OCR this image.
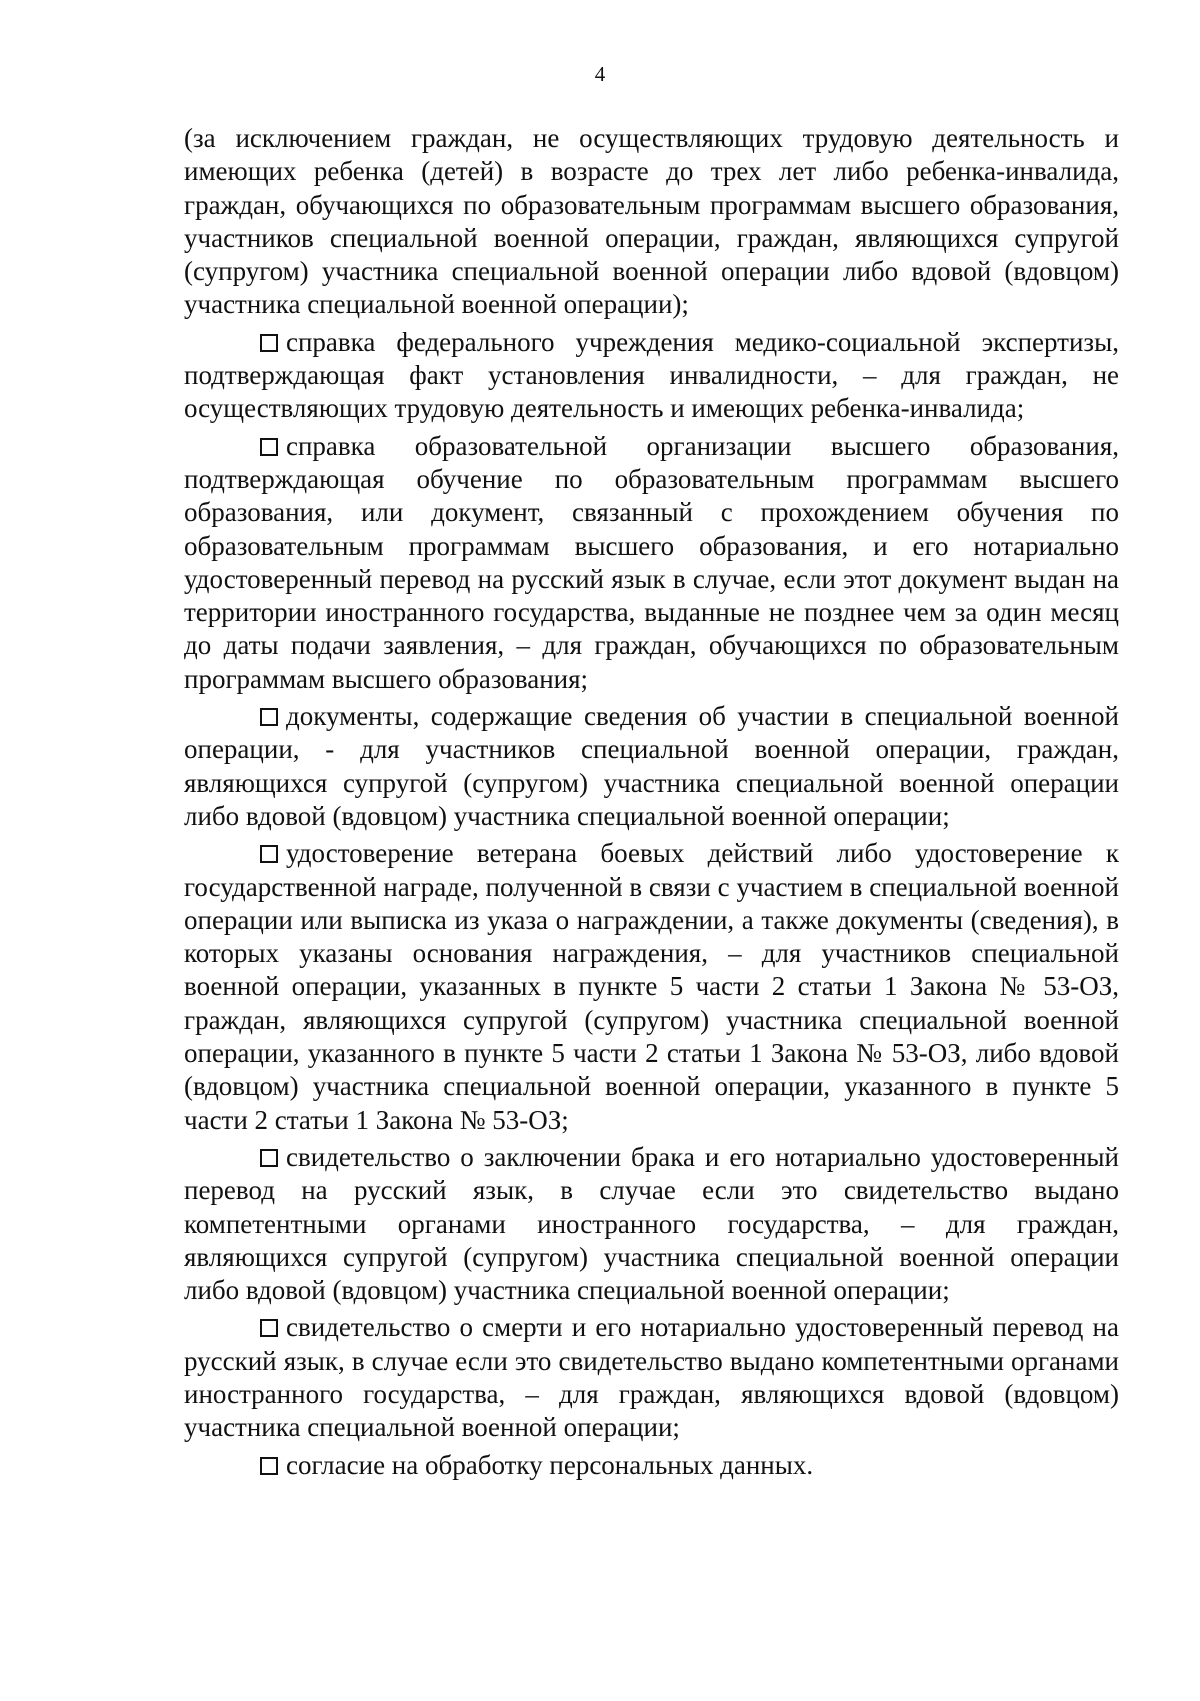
4

(за исключением граждан, не осуществляющих трудовую деятельность и имеющих ребенка (детей) в возрасте до трех лет либо ребенка-инвалида, граждан, обучающихся по образовательным программам высшего образования, участников специальной военной операции, граждан, являющихся супругой (супругом) участника специальной военной операции либо вдовой (вдовцом) участника специальной военной операции);

справка федерального учреждения медико-социальной экспертизы, подтверждающая факт установления инвалидности, – для граждан, не осуществляющих трудовую деятельность и имеющих ребенка-инвалида;

справка образовательной организации высшего образования, подтверждающая обучение по образовательным программам высшего образования, или документ, связанный с прохождением обучения по образовательным программам высшего образования, и его нотариально удостоверенный перевод на русский язык в случае, если этот документ выдан на территории иностранного государства, выданные не позднее чем за один месяц до даты подачи заявления, – для граждан, обучающихся по образовательным программам высшего образования;

документы, содержащие сведения об участии в специальной военной операции, - для участников специальной военной операции, граждан, являющихся супругой (супругом) участника специальной военной операции либо вдовой (вдовцом) участника специальной военной операции;

удостоверение ветерана боевых действий либо удостоверение к государственной награде, полученной в связи с участием в специальной военной операции или выписка из указа о награждении, а также документы (сведения), в которых указаны основания награждения, – для участников специальной военной операции, указанных в пункте 5 части 2 статьи 1 Закона № 53-ОЗ, граждан, являющихся супругой (супругом) участника специальной военной операции, указанного в пункте 5 части 2 статьи 1 Закона № 53-ОЗ, либо вдовой (вдовцом) участника специальной военной операции, указанного в пункте 5 части 2 статьи 1 Закона № 53-ОЗ;

свидетельство о заключении брака и его нотариально удостоверенный перевод на русский язык, в случае если это свидетельство выдано компетентными органами иностранного государства, – для граждан, являющихся супругой (супругом) участника специальной военной операции либо вдовой (вдовцом) участника специальной военной операции;

свидетельство о смерти и его нотариально удостоверенный перевод на русский язык, в случае если это свидетельство выдано компетентными органами иностранного государства, – для граждан, являющихся вдовой (вдовцом) участника специальной военной операции;

согласие на обработку персональных данных.
